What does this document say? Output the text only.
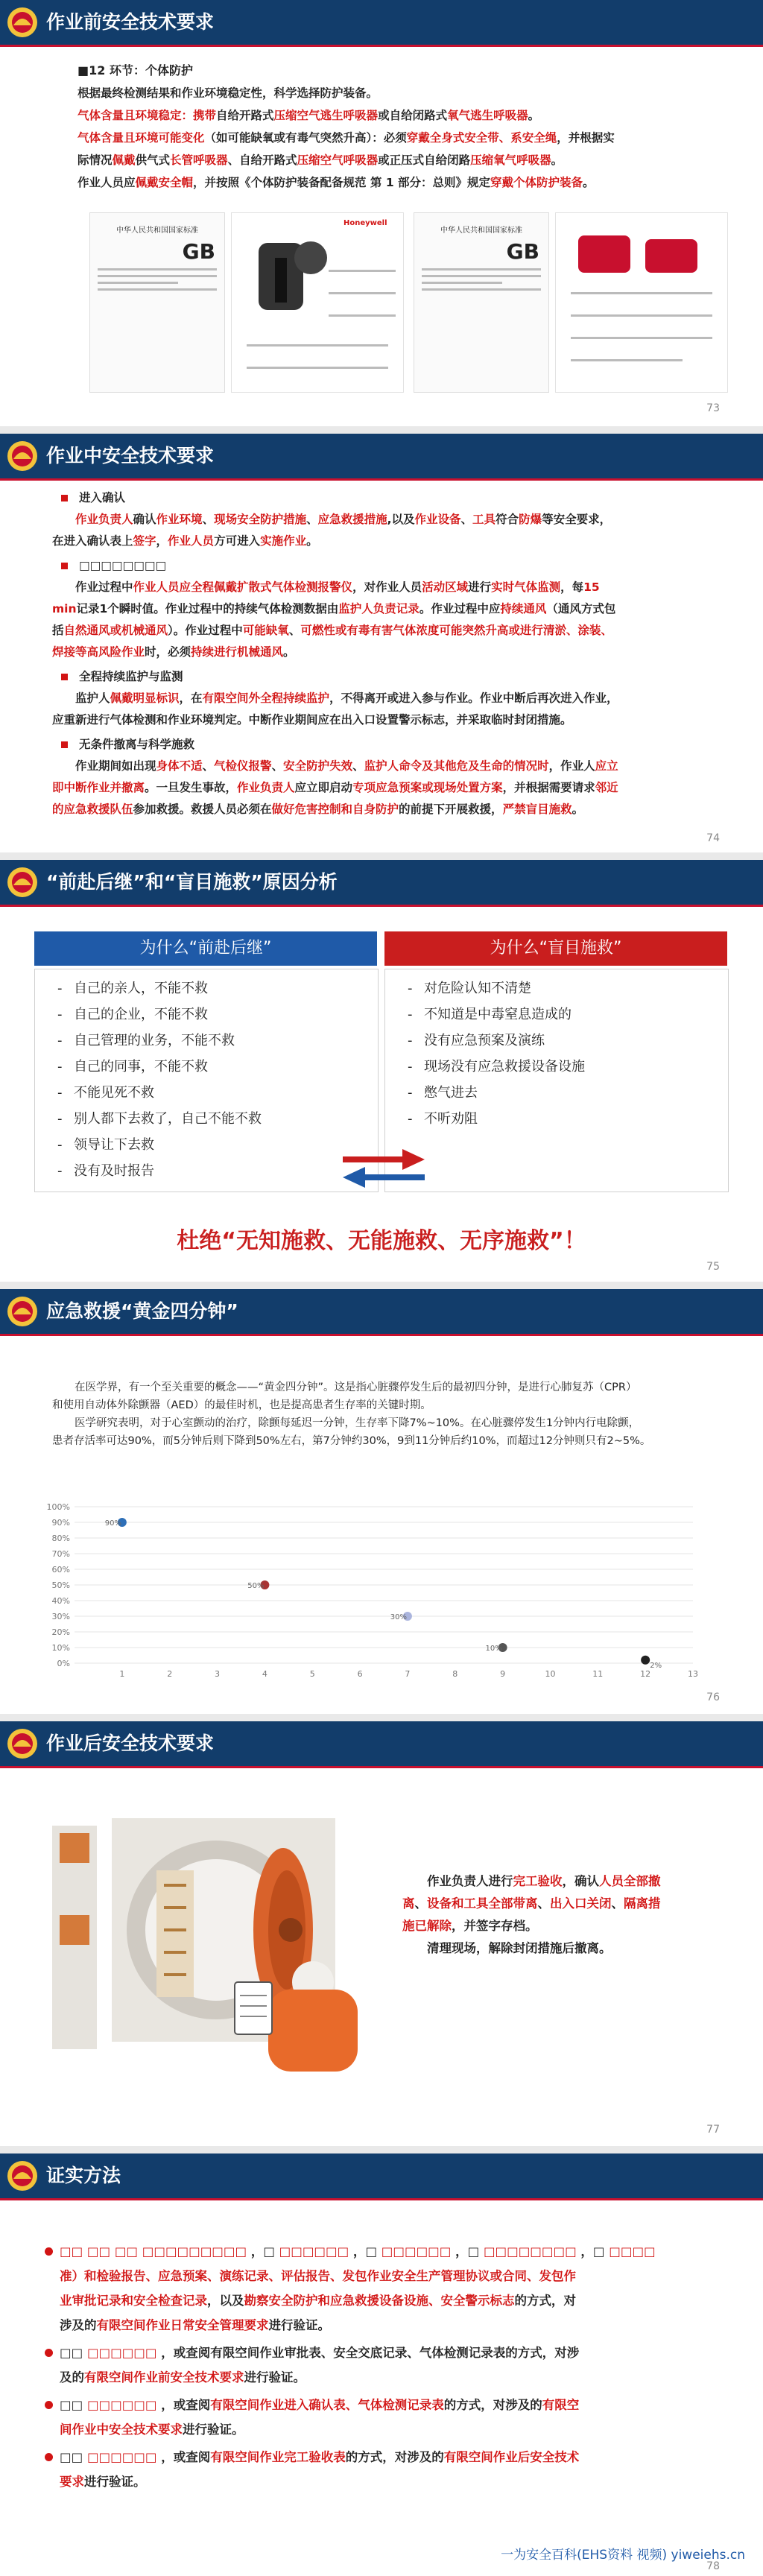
作业前安全技术要求
■12 环节：个体防护

根据最终检测结果和作业环境稳定性，科学选择防护装备。

气体含量且环境稳定：携带自给开路式压缩空气逃生呼吸器或自给闭路式氧气逃生呼吸器。

气体含量且环境可能变化（如可能缺氧或有毒气突然升高）：必须穿戴全身式安全带、系安全绳，并根据实

际情况佩戴供气式长管呼吸器、自给开路式压缩空气呼吸器或正压式自给闭路压缩氧气呼吸器。

作业人员应佩戴安全帽，并按照《个体防护装备配备规范 第 1 部分：总则》规定穿戴个体防护装备。

中华人民共和国国家标准
GB
Honeywell
中华人民共和国国家标准
GB
73
作业中安全技术要求
进入确认

作业负责人确认作业环境、现场安全防护措施、应急救援措施,以及作业设备、工具符合防爆等安全要求，

在进入确认表上签字，作业人员方可进入实施作业。

□□□□□□□□

作业过程中作业人员应全程佩戴扩散式气体检测报警仪，对作业人员活动区域进行实时气体监测，每15

min记录1个瞬时值。作业过程中的持续气体检测数据由监护人负责记录。作业过程中应持续通风（通风方式包

括自然通风或机械通风）。作业过程中可能缺氧、可燃性或有毒有害气体浓度可能突然升高或进行清淤、涂装、

焊接等高风险作业时，必须持续进行机械通风。

全程持续监护与监测

监护人佩戴明显标识，在有限空间外全程持续监护，不得离开或进入参与作业。作业中断后再次进入作业，

应重新进行气体检测和作业环境判定。中断作业期间应在出入口设置警示标志，并采取临时封闭措施。

无条件撤离与科学施救

作业期间如出现身体不适、气检仪报警、安全防护失效、监护人命令及其他危及生命的情况时，作业人应立

即中断作业并撤离。一旦发生事故，作业负责人应立即启动专项应急预案或现场处置方案，并根据需要请求邻近

的应急救援队伍参加救援。救援人员必须在做好危害控制和自身防护的前提下开展救援，严禁盲目施救。

74
“前赴后继”和“盲目施救”原因分析
为什么“前赴后继”	为什么“盲目施救”
- 自己的亲人，不能不救
- 自己的企业，不能不救
- 自己管理的业务，不能不救
- 自己的同事，不能不救
- 不能见死不救
- 别人都下去救了，自己不能不救
- 领导让下去救
- 没有及时报告
- 对危险认知不清楚
- 不知道是中毒窒息造成的
- 没有应急预案及演练
- 现场没有应急救援设备设施
- 憋气进去
- 不听劝阻
杜绝“无知施救、无能施救、无序施救”！
75
应急救援“黄金四分钟”

在医学界，有一个至关重要的概念——“黄金四分钟”。这是指心脏骤停发生后的最初四分钟，是进行心肺复苏（CPR）

和使用自动体外除颤器（AED）的最佳时机，也是提高患者生存率的关键时期。

医学研究表明，对于心室颤动的治疗，除颤每延迟一分钟，生存率下降7%~10%。在心脏骤停发生1分钟内行电除颤，

患者存活率可达90%，而5分钟后则下降到50%左右，第7分钟约30%，9到11分钟后约10%，而超过12分钟则只有2~5%。

0%
10%
20%
30%
40%
50%
60%
70%
80%
90%
100%
1	2	3	4	5	6	7	8	9	10	11	12	13
90%
50%
30%
10%
2%
76
作业后安全技术要求

作业负责人进行完工验收，确认人员全部撤

离、设备和工具全部带离、出入口关闭、隔离措

施已解除，并签字存档。

清理现场，解除封闭措施后撤离。

77
证实方法

□□ □□ □□ □□□□□□□□□ ，□ □□□□□□ ，□ □□□□□□ ，□ □□□□□□□□ ，□ □□□□

准）和检验报告、应急预案、演练记录、评估报告、发包作业安全生产管理协议或合同、发包作

业审批记录和安全检查记录，以及勘察安全防护和应急救援设备设施、安全警示标志的方式，对

涉及的有限空间作业日常安全管理要求进行验证。

□□ □□□□□□ ，或查阅有限空间作业审批表、安全交底记录、气体检测记录表的方式，对涉

及的有限空间作业前安全技术要求进行验证。

□□ □□□□□□ ，或查阅有限空间作业进入确认表、气体检测记录表的方式，对涉及的有限空

间作业中安全技术要求进行验证。

□□ □□□□□□ ，或查阅有限空间作业完工验收表的方式，对涉及的有限空间作业后安全技术

要求进行验证。

一为安全百科(EHS资料 视频) yiweiehs.cn
78
